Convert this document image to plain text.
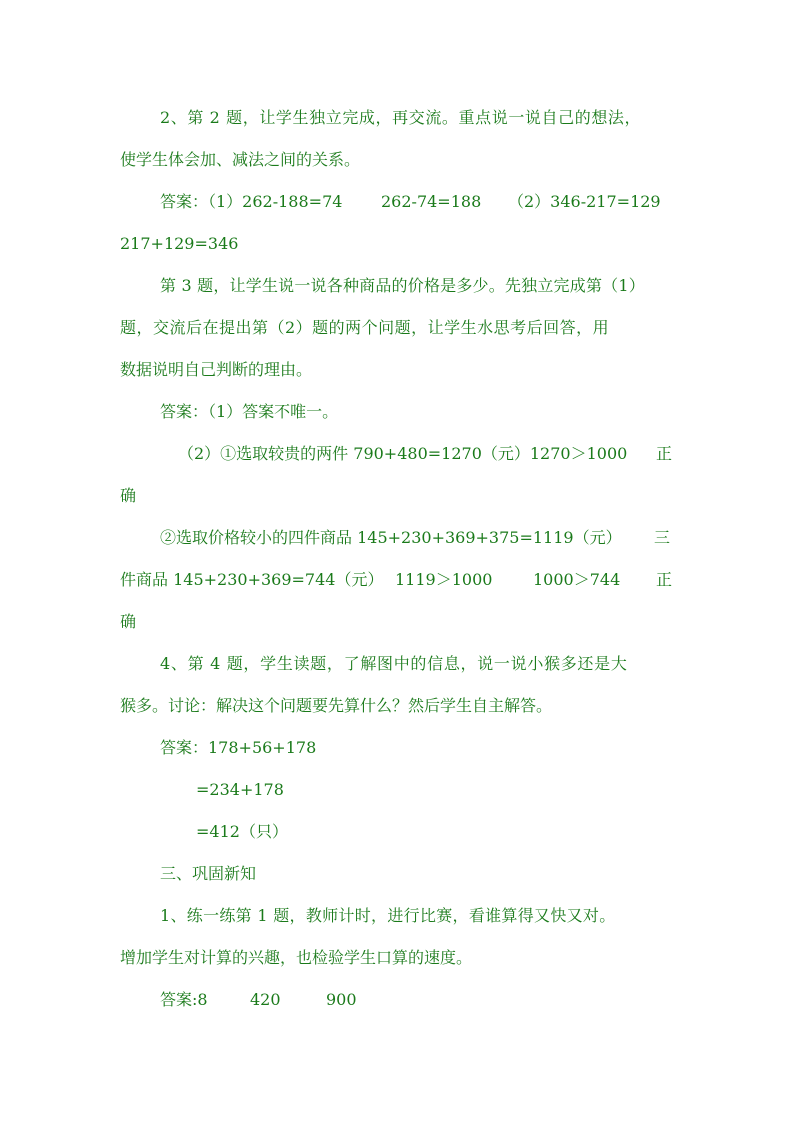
2、第 2 题，让学生独立完成，再交流。重点说一说自己的想法，
使学生体会加、减法之间的关系。
答案：（1）262-188=74 262-74=188 （2）346-217=129
217+129=346
第 3 题，让学生说一说各种商品的价格是多少。先独立完成第（1）
题，交流后在提出第（2）题的两个问题，让学生水思考后回答，用
数据说明自己判断的理由。
答案：（1）答案不唯一。
（2）①选取较贵的两件 790+480=1270（元）1270＞1000 正
确
②选取价格较小的四件商品 145+230+369+375=1119（元） 三
件商品 145+230+369=744（元） 1119＞1000	1000＞744 正
确
4、第 4 题，学生读题，了解图中的信息，说一说小猴多还是大
猴多。讨论：解决这个问题要先算什么？然后学生自主解答。
答案：178+56+178
=234+178
=412（只）
三、巩固新知
1、练一练第 1 题，教师计时，进行比赛，看谁算得又快又对。
增加学生对计算的兴趣，也检验学生口算的速度。
答案:8	420	900
